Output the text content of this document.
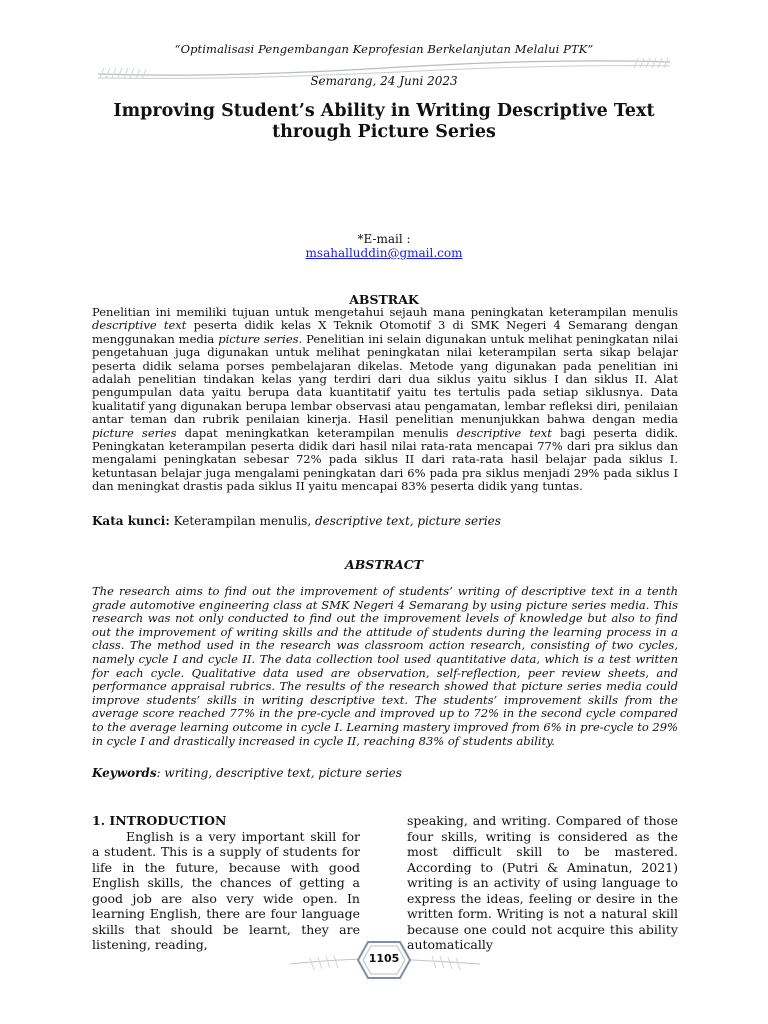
“Optimalisasi Pengembangan Keprofesian Berkelanjutan Melalui PTK”
Semarang, 24 Juni 2023
Improving Student’s Ability in Writing Descriptive Text
through Picture Series
*E-mail :
msahalluddin@gmail.com
ABSTRAK
Penelitian ini memiliki tujuan untuk mengetahui sejauh mana peningkatan keterampilan menulis descriptive text peserta didik kelas X Teknik Otomotif 3 di SMK Negeri 4 Semarang dengan menggunakan media picture series. Penelitian ini selain digunakan untuk melihat peningkatan nilai pengetahuan juga digunakan untuk melihat peningkatan nilai keterampilan serta sikap belajar peserta didik selama porses pembelajaran dikelas. Metode yang digunakan pada penelitian ini adalah penelitian tindakan kelas yang terdiri dari dua siklus yaitu siklus I dan siklus II. Alat pengumpulan data yaitu berupa data kuantitatif yaitu tes tertulis pada setiap siklusnya. Data kualitatif yang digunakan berupa lembar observasi atau pengamatan, lembar refleksi diri, penilaian antar teman dan rubrik penilaian kinerja. Hasil penelitian menunjukkan bahwa dengan media picture series dapat meningkatkan keterampilan menulis descriptive text bagi peserta didik. Peningkatan keterampilan peserta didik dari hasil nilai rata-rata mencapai 77% dari pra siklus dan mengalami peningkatan sebesar 72% pada siklus II dari rata-rata hasil belajar pada siklus I. ketuntasan belajar juga mengalami peningkatan dari 6% pada pra siklus menjadi 29% pada siklus I dan meningkat drastis pada siklus II yaitu mencapai 83% peserta didik yang tuntas.
Kata kunci: Keterampilan menulis, descriptive text, picture series
ABSTRACT
The research aims to find out the improvement of students’ writing of descriptive text in a tenth grade automotive engineering class at SMK Negeri 4 Semarang by using picture series media. This research was not only conducted to find out the improvement levels of knowledge but also to find out the improvement of writing skills and the attitude of students during the learning process in a class. The method used in the research was classroom action research, consisting of two cycles, namely cycle I and cycle II. The data collection tool used quantitative data, which is a test written for each cycle. Qualitative data used are observation, self-reflection, peer review sheets, and performance appraisal rubrics. The results of the research showed that picture series media could improve students’ skills in writing descriptive text. The students’ improvement skills from the average score reached 77% in the pre-cycle and improved up to 72% in the second cycle compared to the average learning outcome in cycle I. Learning mastery improved from 6% in pre-cycle to 29% in cycle I and drastically increased in cycle II, reaching 83% of students ability.
Keywords: writing, descriptive text, picture series
1. INTRODUCTION
English is a very important skill for a student. This is a supply of students for life in the future, because with good English skills, the chances of getting a good job are also very wide open. In learning English, there are four language skills that should be learnt, they are listening, reading,
speaking, and writing. Compared of those four skills, writing is considered as the most difficult skill to be mastered. According to (Putri & Aminatun, 2021) writing is an activity of using language to express the ideas, feeling or desire in the written form. Writing is not a natural skill because one could not acquire this ability automatically
1105
